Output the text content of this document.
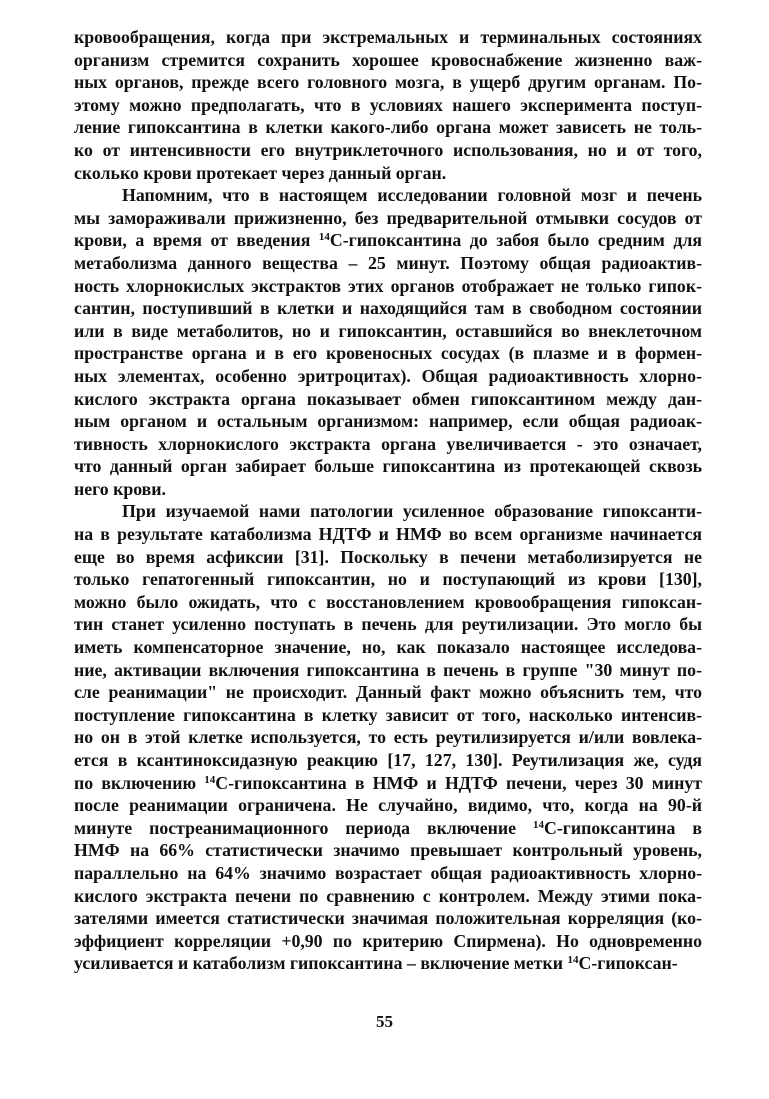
кровообращения, когда при экстремальных и терминальных состояниях
организм стремится сохранить хорошее кровоснабжение жизненно важ-
ных органов, прежде всего головного мозга, в ущерб другим органам. По-
этому можно предполагать, что в условиях нашего эксперимента поступ-
ление гипоксантина в клетки какого-либо органа может зависеть не толь-
ко от интенсивности его внутриклеточного использования, но и от того,
сколько крови протекает через данный орган.
Напомним, что в настоящем исследовании головной мозг и печень
мы замораживали прижизненно, без предварительной отмывки сосудов от
крови, а время от введения $^{14}$С-гипоксантина до забоя было средним для
метаболизма данного вещества – 25 минут. Поэтому общая радиоактив-
ность хлорнокислых экстрактов этих органов отображает не только гипок-
сантин, поступивший в клетки и находящийся там в свободном состоянии
или в виде метаболитов, но и гипоксантин, оставшийся во внеклеточном
пространстве органа и в его кровеносных сосудах (в плазме и в формен-
ных элементах, особенно эритроцитах). Общая радиоактивность хлорно-
кислого экстракта органа показывает обмен гипоксантином между дан-
ным органом и остальным организмом: например, если общая радиоак-
тивность хлорнокислого экстракта органа увеличивается - это означает,
что данный орган забирает больше гипоксантина из протекающей сквозь
него крови.
При изучаемой нами патологии усиленное образование гипоксанти-
на в результате катаболизма НДТФ и НМФ во всем организме начинается
еще во время асфиксии [31]. Поскольку в печени метаболизируется не
только гепатогенный гипоксантин, но и поступающий из крови [130],
можно было ожидать, что с восстановлением кровообращения гипоксан-
тин станет усиленно поступать в печень для реутилизации. Это могло бы
иметь компенсаторное значение, но, как показало настоящее исследова-
ние, активации включения гипоксантина в печень в группе "30 минут по-
сле реанимации" не происходит. Данный факт можно объяснить тем, что
поступление гипоксантина в клетку зависит от того, насколько интенсив-
но он в этой клетке используется, то есть реутилизируется и/или вовлека-
ется в ксантиноксидазную реакцию [17, 127, 130]. Реутилизация же, судя
по включению $^{14}$С-гипоксантина в НМФ и НДТФ печени, через 30 минут
после реанимации ограничена. Не случайно, видимо, что, когда на 90-й
минуте постреанимационного периода включение $^{14}$С-гипоксантина в
НМФ на 66% статистически значимо превышает контрольный уровень,
параллельно на 64% значимо возрастает общая радиоактивность хлорно-
кислого экстракта печени по сравнению с контролем. Между этими пока-
зателями имеется статистически значимая положительная корреляция (ко-
эффициент корреляции +0,90 по критерию Спирмена). Но одновременно
усиливается и катаболизм гипоксантина – включение метки $^{14}$С-гипоксан-
55
